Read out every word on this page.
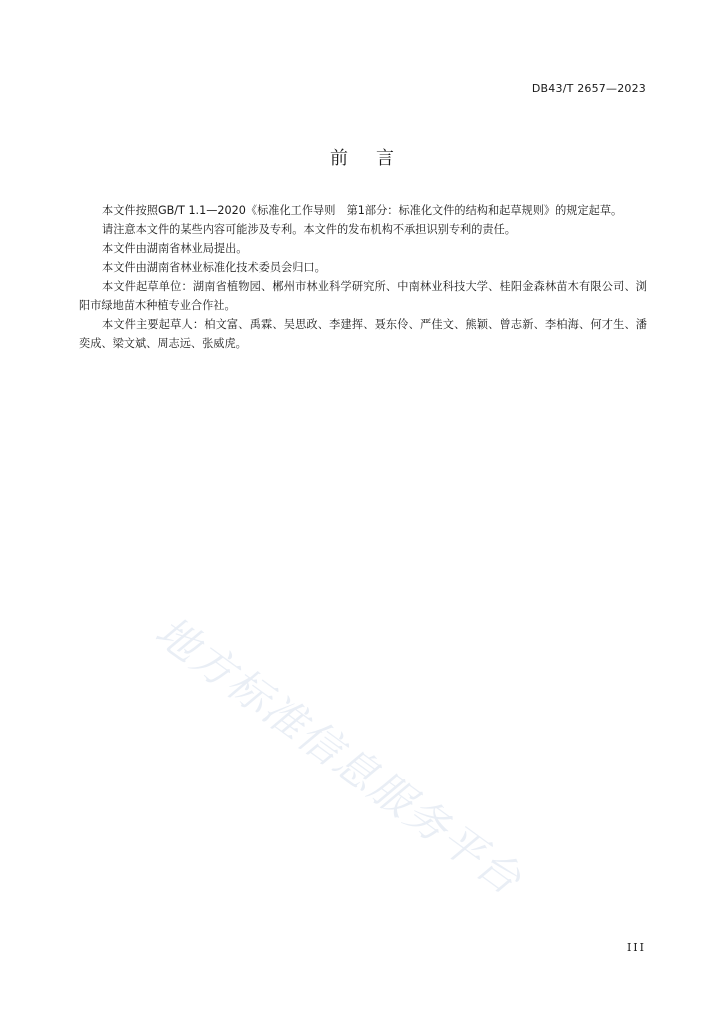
DB43/T 2657—2023
前言

本文件按照GB/T 1.1—2020《标准化工作导则　第1部分：标准化文件的结构和起草规则》的规定起草。

请注意本文件的某些内容可能涉及专利。本文件的发布机构不承担识别专利的责任。

本文件由湖南省林业局提出。

本文件由湖南省林业标准化技术委员会归口。

本文件起草单位：湖南省植物园、郴州市林业科学研究所、中南林业科技大学、桂阳金森林苗木有限公司、浏阳市绿地苗木种植专业合作社。

本文件主要起草人：柏文富、禹霖、吴思政、李建挥、聂东伶、严佳文、熊颖、曾志新、李柏海、何才生、潘奕成、梁文斌、周志远、张威虎。

地方标准信息服务平台
III
